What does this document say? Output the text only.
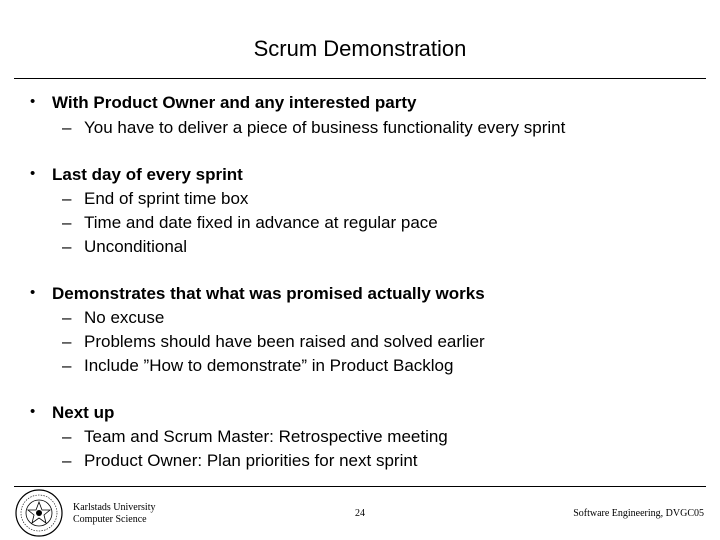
Scrum Demonstration
• With Product Owner and any interested party
– You have to deliver a piece of business functionality every sprint
• Last day of every sprint
– End of sprint time box
– Time and date fixed in advance at regular pace
– Unconditional
• Demonstrates that what was promised actually works
– No excuse
– Problems should have been raised and solved earlier
– Include ”How to demonstrate” in Product Backlog
• Next up
– Team and Scrum Master: Retrospective meeting
– Product Owner: Plan priorities for next sprint
Karlstads University
Computer Science
24	Software Engineering, DVGC05
